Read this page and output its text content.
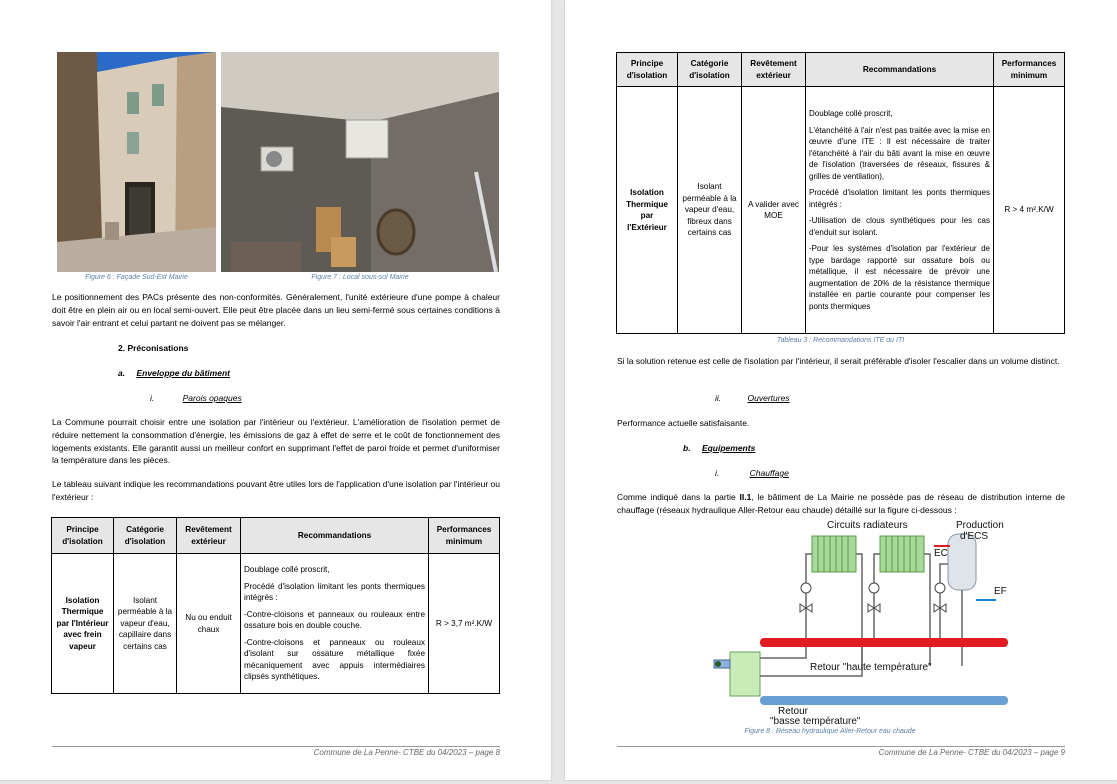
Figure 6 : Façade Sud-Est Mairie	Figure 7 : Local sous-sol Mairie
Le positionnement des PACs présente des non-conformités. Généralement, l'unité extérieure d'une pompe à chaleur doit être en plein air ou en local semi-ouvert. Elle peut être placée dans un lieu semi-fermé sous certaines conditions à savoir l'air entrant et celui partant ne doivent pas se mélanger.
2. Préconisations
a. Enveloppe du bâtiment
i.	Parois opaques
La Commune pourrait choisir entre une isolation par l'intérieur ou l'extérieur. L'amélioration de l'isolation permet de réduire nettement la consommation d'énergie, les émissions de gaz à effet de serre et le coût de fonctionnement des logements existants. Elle garantit aussi un meilleur confort en supprimant l'effet de paroi froide et permet d'uniformiser la température dans les pièces.
Le tableau suivant indique les recommandations pouvant être utiles lors de l'application d'une isolation par l'intérieur ou l'extérieur :
Principe d'isolation	Catégorie d'isolation	Revêtement extérieur	Recommandations	Performances minimum
Isolation Thermique par l'Intérieur avec frein vapeur	Isolant perméable à la vapeur d'eau, capillaire dans certains cas	Nu ou enduit chaux	Doublage collé proscrit,

Procédé d'isolation limitant les ponts thermiques intégrés :

-Contre-cloisons et panneaux ou rouleaux entre ossature bois en double couche.

-Contre-cloisons et panneaux ou rouleaux d'isolant sur ossature métallique fixée mécaniquement avec appuis intermédiaires clipsés synthétiques.	R > 3,7 m².K/W
Commune de La Penne- CTBE du 04/2023 – page 8
Principe d'isolation	Catégorie d'isolation	Revêtement extérieur	Recommandations	Performances minimum
Isolation Thermique par l'Extérieur	Isolant perméable à la vapeur d'eau, fibreux dans certains cas	A valider avec MOE	Doublage collé proscrit,

L'étanchéité à l'air n'est pas traitée avec la mise en œuvre d'une ITE : Il est nécessaire de traiter l'étanchéité à l'air du bâti avant la mise en œuvre de l'isolation (traversées de réseaux, fissures & grilles de ventilation),

Procédé d'isolation limitant les ponts thermiques intégrés :

-Utilisation de clous synthétiques pour les cas d'enduit sur isolant.

-Pour les systèmes d'isolation par l'extérieur de type bardage rapporté sur ossature bois ou métallique, il est nécessaire de prévoir une augmentation de 20% de la résistance thermique installée en partie courante pour compenser les ponts thermiques	R > 4 m².K/W
Tableau 3 : Recommandations ITE ou ITI
Si la solution retenue est celle de l'isolation par l'intérieur, il serait préférable d'isoler l'escalier dans un volume distinct.
ii.	Ouvertures
Performance actuelle satisfaisante.
b. Equipements
i.	Chauffage
Comme indiqué dans la partie II.1, le bâtiment de La Mairie ne possède pas de réseau de distribution interne de chauffage (réseaux hydraulique Aller-Retour eau chaude) détaillé sur la figure ci-dessous :
Circuits radiateurs	Production
d'ECS
EC
EF
Retour "haute température"
Retour
"basse température"
Figure 8 : Réseau hydraulique Aller-Retour eau chaude
Commune de La Penne- CTBE du 04/2023 – page 9
